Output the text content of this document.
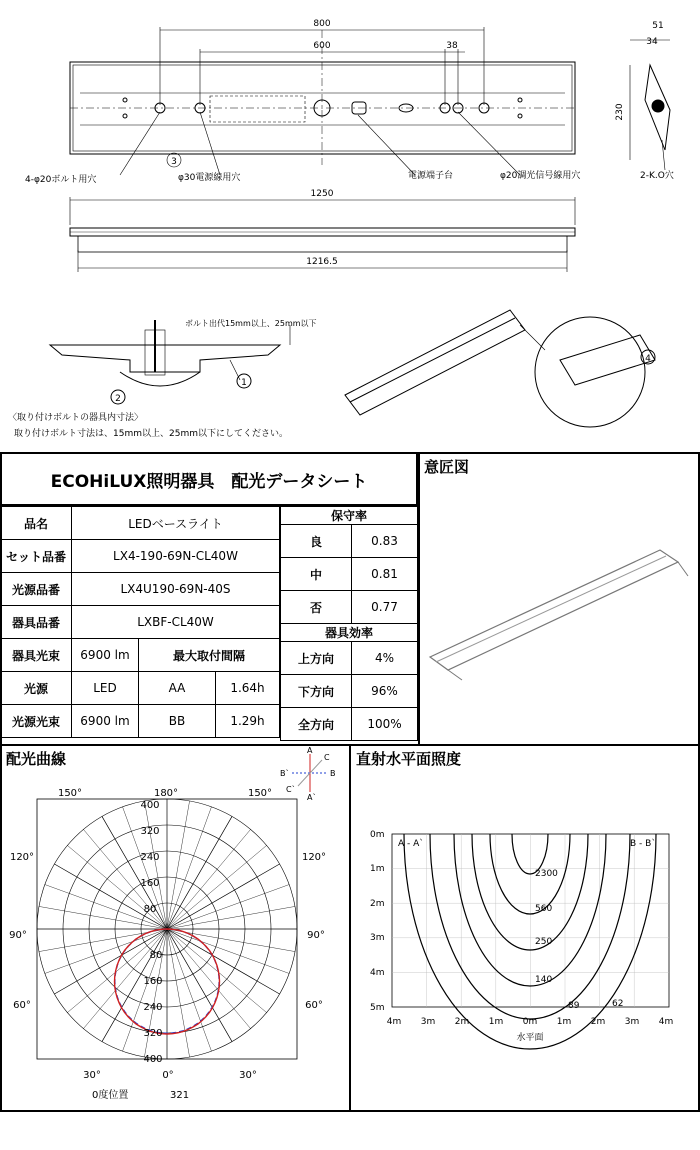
800
600	38
1250
1216.5
51
34
230
4-φ20ボルト用穴	φ30電源線用穴	電源端子台	φ20調光信号線用穴	2-K.O穴
3
ボルト出代15mm以上、25mm以下
2
1
〈取り付けボルトの器具内寸法〉
取り付けボルト寸法は、15mm以上、25mm以下にしてください。
4
ECOHiLUX照明器具　配光データシート
品名	LEDベースライト		
セット品番	LX4-190-69N-CL40W		
光源品番	LX4U190-69N-40S		
器具品番	LXBF-CL40W		
器具光束	6900 lm	最大取付間隔	
光源	LED	AA	1.64h
光源光束	6900 lm	BB	1.29h
保守率	
良	0.83
中	0.81
否	0.77
器具効率	
上方向	4%
下方向	96%
全方向	100%
意匠図
配光曲線
150°	180°	150°
120°	120°
90°	90°
60°	60°
30°	0°	30°
400
320
240
160
80
80
160
240
320
400
A
C
B`	B
C`
A`
0度位置	321
直射水平面照度
A - A`	B - B`
0m
1m
2m
3m
4m
5m
4m 3m 2m 1m 0m 1m 2m 3m 4m
水平面
2300
560
250
140
89	62
